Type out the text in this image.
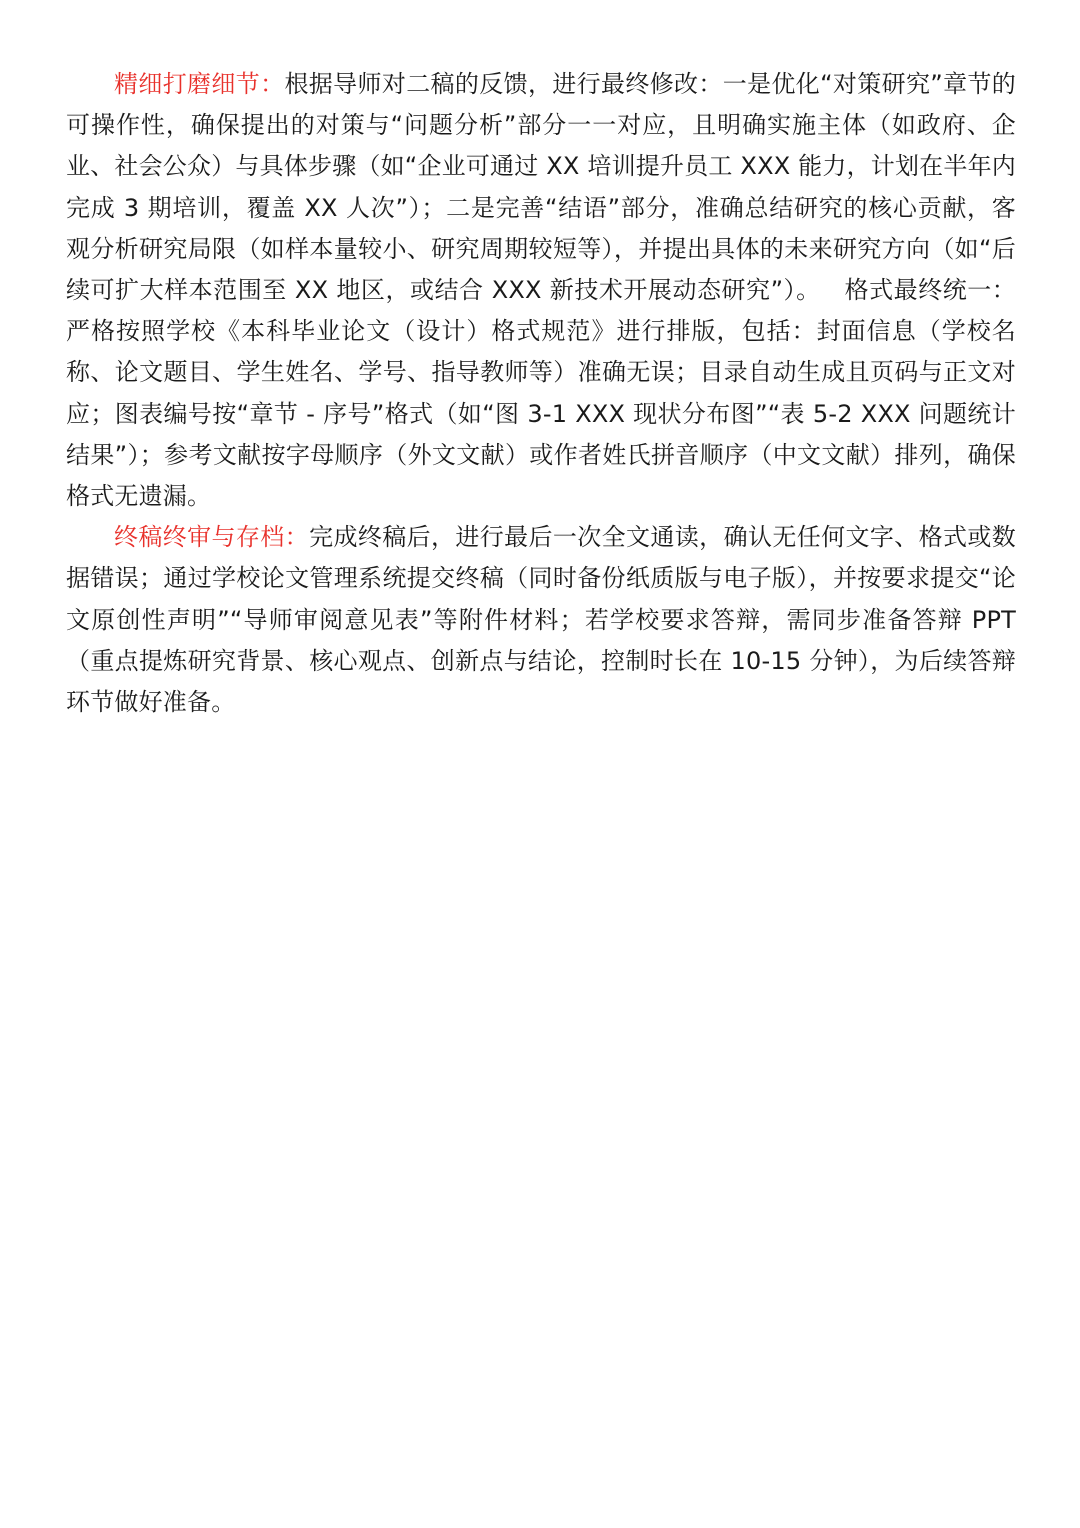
精细打磨细节：根据导师对二稿的反馈，进行最终修改：一是优化“对策研究”章节的可操作性，确保提出的对策与“问题分析”部分一一对应，且明确实施主体（如政府、企业、社会公众）与具体步骤（如“企业可通过 XX 培训提升员工 XXX 能力，计划在半年内完成 3 期培训，覆盖 XX 人次”）；二是完善“结语”部分，准确总结研究的核心贡献，客观分析研究局限（如样本量较小、研究周期较短等），并提出具体的未来研究方向（如“后续可扩大样本范围至 XX 地区，或结合 XXX 新技术开展动态研究”）。 格式最终统一：严格按照学校《本科毕业论文（设计）格式规范》进行排版，包括：封面信息（学校名称、论文题目、学生姓名、学号、指导教师等）准确无误；目录自动生成且页码与正文对应；图表编号按“章节 - 序号”格式（如“图 3-1 XXX 现状分布图”“表 5-2 XXX 问题统计结果”）；参考文献按字母顺序（外文文献）或作者姓氏拼音顺序（中文文献）排列，确保格式无遗漏。

终稿终审与存档：完成终稿后，进行最后一次全文通读，确认无任何文字、格式或数据错误；通过学校论文管理系统提交终稿（同时备份纸质版与电子版），并按要求提交“论文原创性声明”“导师审阅意见表”等附件材料；若学校要求答辩，需同步准备答辩 PPT（重点提炼研究背景、核心观点、创新点与结论，控制时长在 10-15 分钟），为后续答辩环节做好准备。
